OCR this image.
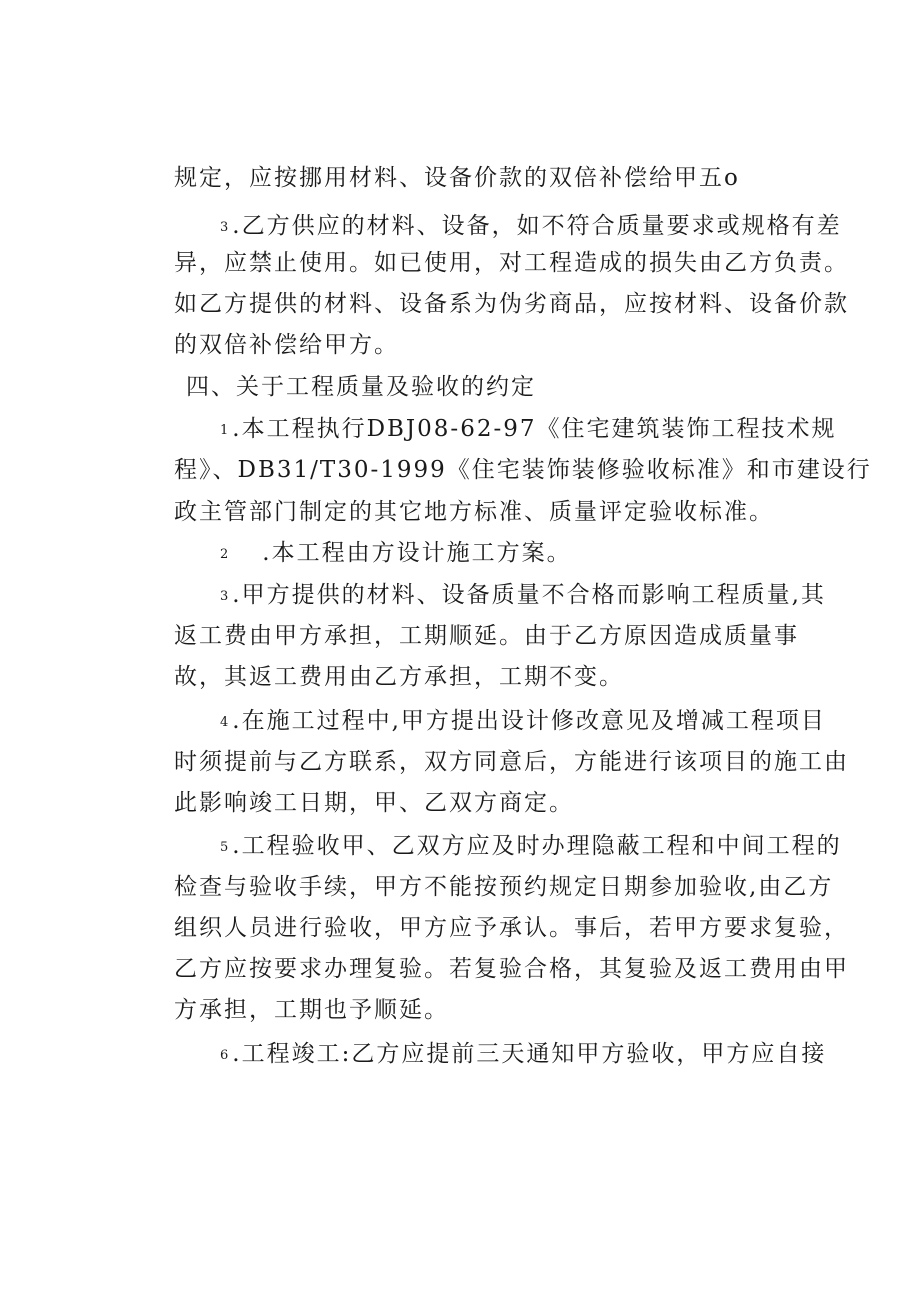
规定，应按挪用材料、设备价款的双倍补偿给甲五o
3 .乙方供应的材料、设备，如不符合质量要求或规格有差
异，应禁止使用。如已使用，对工程造成的损失由乙方负责。
如乙方提供的材料、设备系为伪劣商品，应按材料、设备价款
的双倍补偿给甲方。
四、关于工程质量及验收的约定
1 .本工程执行DBJ08-62-97《住宅建筑装饰工程技术规
程》、DB31/T30-1999《住宅装饰装修验收标准》和市建设行
政主管部门制定的其它地方标准、质量评定验收标准。
2 .本工程由方设计施工方案。
3 .甲方提供的材料、设备质量不合格而影响工程质量,其
返工费由甲方承担，工期顺延。由于乙方原因造成质量事
故，其返工费用由乙方承担，工期不变。
4 .在施工过程中,甲方提出设计修改意见及增减工程项目
时须提前与乙方联系，双方同意后，方能进行该项目的施工由
此影响竣工日期，甲、乙双方商定。
5 .工程验收甲、乙双方应及时办理隐蔽工程和中间工程的
检查与验收手续，甲方不能按预约规定日期参加验收,由乙方
组织人员进行验收，甲方应予承认。事后，若甲方要求复验，
乙方应按要求办理复验。若复验合格，其复验及返工费用由甲
方承担，工期也予顺延。
6 .工程竣工:乙方应提前三天通知甲方验收，甲方应自接
